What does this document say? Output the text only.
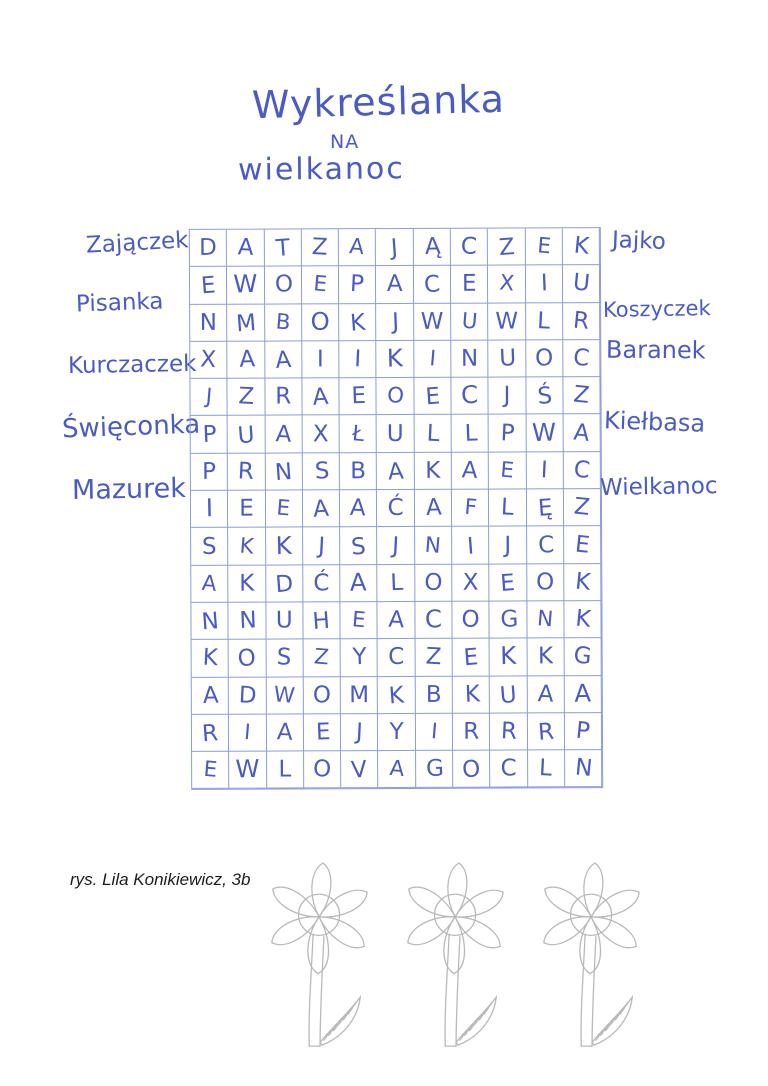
Wykreślanka
NA
wielkanoc
Zajączek
Pisanka
Kurczaczek
Święconka
Mazurek
D A T Z A J Ą C Z E K
E W O E P A C E X I U
N M B O K J W U W L R
X A A I I K I N U O C
J Z R A E O E C J Ś Z
P U A X Ł U L L P W A
P R N S B A K A E I C
I E E A A Ć A F L Ę Z
S K K J S J N I J C E
A K D Ć A L O X E O K
N N U H E A C O G N K
K O S Z Y C Z E K K G
A D W O M K B K U A A
R I A E J Y I R R R P
E W L O V A G O C L N
Jajko
Koszyczek
Baranek
Kiełbasa
Wielkanoc
rys. Lila Konikiewicz, 3b
